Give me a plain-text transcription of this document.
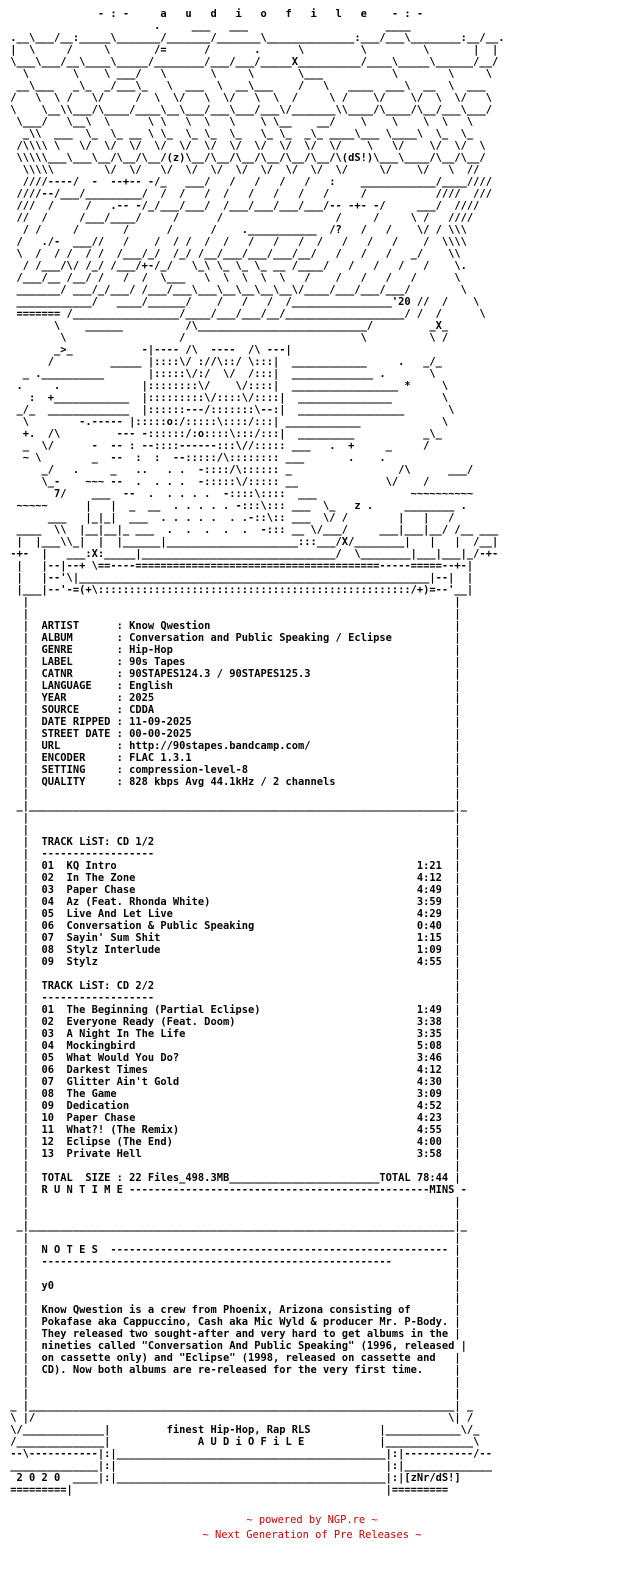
- : -     a   u   d   i   o   f   i   l   e    - : -
.     ___   ___                      ____
.__\___/__:_____\_______/_______/_______\______________:___/___\________:__/__.
|  \     /     \       /=      /       .      \         \         \       |  |
\___\___/__\____\_____/________/___/___/_____X__________/____\_____\______/__/
\       \    \ ___/   \       \     \       \___           \        \     \
__\___   _\_  _/___\_   \  ___  \  __\___    /   \   ____  ___\  __  \  ___
/   \  \ /   \/     /  \  \/   \  \/   \  \  /     \ /    \/    \/  \  \/   \
\    \__\\___/\____/____\__\___/___\___/___\/_______\\____/\____/\__/___\___/
\___/   \__\  \      \ \   \  \   \    \ \__    __/    \    \    \  \   \
_\\  ___  \_  \_ __ \ \_  \_ \_  \_   \_ \_  _\_ ____\___ \____\  \_  \_
/\\\\ \   \/  \/  \/  \/  \/  \/  \/  \/  \/  \/  \/    \   \/    \/  \/  \
\\\\\___\___\__/\__/\__/(z)\__/\__/\__/\__/\__/\__/\(dS!)\___\____/\__/\__/
\\\\\        \/  \/   \/  \/  \/  \/  \/  \/  \/  \/     \/    \/   \  //
////----/  -  --+-- -/_   ___/   /   /   /   /   :    ____________/____////
////--/___/_________/  /  /   /  /   /   /   /   /     /           ////  ///
///  /     /   .-- -/_/___/___/  /___/___/___/___/-- -+- -/     ___/  ////
//  /     /___/____/     /      /                  /     /     \ /   ////
/ /     /       /      /      /    .___________  /?   /   /    \/ / \\\
/   ./-  ___//   /    /  / /  /  /   /   /   /  /   /   /   /    /  \\\\
\  /  / /  / /  /___/_/  /_/ /__/___/___/___/__/   /   /   /   _/    \\
/ /___/\/ /_/ /___/+-/_/   \_\ \_ \_ \_ __ /____/   /   /   /   /    \.
/___/__ /__/ /   /  /  \___   \  \  \  \  \   /    /   /   /   /      \
_______/ ___/_/___/ /___/___\___\__\__\__\__\/____/___/___/___/        \
____________/   ____/______/    /   /   /  /________________'20 //  /    \
======= /_________________/____/___/___/__/___________________/ /  /      \
\    ______          /\___________________________/         _X_
\                  /                            \          \ /
_>_           -|---- /\  ----  /\ ---|
/         _____ |::::\/ ://\::/ \:::|  ____________     .   _/_
_ .__________       |:::::\/:/  \/  /:::|  _____________ .       \
.     .             |::::::::\/    \/::::|  _________________ *     \
:  +____________  |:::::::::\/::::\/::::|  _______________        \
_/_  _____________  |::::::---/:::::::\--:|  _________________       \
\        -.----- |:::::o:/:::::\::::/:::| ____________             \
+.  /\         --- -::::::/:o::::\:::/:::|  _________           _\_
_  \/      -  -- : --::::------:::\//::::: ___   .  +     _     /
~ \        _  --  :  :  --:::::/\:::::::: ___       .    .
_/   .     _   ..   . .  -::::/\:::::: _                 /\      ___/
\_-    ~~~ --  .  . . .  -:::::\/::::: __              \/    /
7/    ___  --  .  . . . .  -::::\::::  ___               ~~~~~~~~~~
~~~~~      |   |  _  __  . . . . . -:::\::: ___  \_   z .     ________ .
___   |_|_|  ___  . . . . .  . .-::\:: ___  \/ /        |   |   /
____  \\  |__|__|_ ___  .  .  .  .  .  -::: __ \/___/     ___|___|__/ /__ ___
|  |___\\_|  |  |______|_____________________:::___/X/________|   |   |  /__|
-+-  |   ___:X:_____|_______________________________/  \________|___|___|_/-+-
|   |--|--+ \==----=======================================-----=====--+-|
|   |--'\|________________________________________________________|--|  |
|___|--'-=(+\::::::::::::::::::::::::::::::::::::::::::::::::::/+)=--'__|
|                                                                    |
|                                                                    |
|  ARTIST      : Know Qwestion                                       |
|  ALBUM       : Conversation and Public Speaking / Eclipse          |
|  GENRE       : Hip-Hop                                             |
|  LABEL       : 90s Tapes                                           |
|  CATNR       : 90STAPES124.3 / 90STAPES125.3                       |
|  LANGUAGE    : English                                             |
|  YEAR        : 2025                                                |
|  SOURCE      : CDDA                                                |
|  DATE RIPPED : 11-09-2025                                          |
|  STREET DATE : 00-00-2025                                          |
|  URL         : http://90stapes.bandcamp.com/                       |
|  ENCODER     : FLAC 1.3.1                                          |
|  SETTING     : compression-level-8                                 |
|  QUALITY     : 828 kbps Avg 44.1kHz / 2 channels                   |
|                                                                    |
_|____________________________________________________________________|_
|                                                                    |
|                                                                    |
|  TRACK LiST: CD 1/2                                                |
|  ------------------                                                |
|  01  KQ Intro                                                1:21  |
|  02  In The Zone                                             4:12  |
|  03  Paper Chase                                             4:49  |
|  04  Az (Feat. Rhonda White)                                 3:59  |
|  05  Live And Let Live                                       4:29  |
|  06  Conversation & Public Speaking                          0:40  |
|  07  Sayin' Sum Shit                                         1:15  |
|  08  Stylz Interlude                                         1:09  |
|  09  Stylz                                                   4:55  |
|                                                                    |
|  TRACK LiST: CD 2/2                                                |
|  ------------------                                                |
|  01  The Beginning (Partial Eclipse)                         1:49  |
|  02  Everyone Ready (Feat. Doom)                             3:38  |
|  03  A Night In The Life                                     3:35  |
|  04  Mockingbird                                             5:08  |
|  05  What Would You Do?                                      3:46  |
|  06  Darkest Times                                           4:12  |
|  07  Glitter Ain't Gold                                      4:30  |
|  08  The Game                                                3:09  |
|  09  Dedication                                              4:52  |
|  10  Paper Chase                                             4:23  |
|  11  What?! (The Remix)                                      4:55  |
|  12  Eclipse (The End)                                       4:00  |
|  13  Private Hell                                            3:58  |
|                                                                    |
|  TOTAL  SIZE : 22 Files_498.3MB________________________TOTAL 78:44 |
|  R U N T I M E ------------------------------------------------MINS -
|                                                                    |
|                                                                    |
_|____________________________________________________________________|_
|                                                                    |
|  N O T E S  ------------------------------------------------------ |
|  --------------------------------------------------------          |
|                                                                    |
|  y0                                                                |
|                                                                    |
|  Know Qwestion is a crew from Phoenix, Arizona consisting of       |
|  Pokafase aka Cappuccino, Cash aka Mic Wyld & producer Mr. P-Body. |
|  They released two sought-after and very hard to get albums in the |
|  nineties called "Conversation And Public Speaking" (1996, released |
|  on cassette only) and "Eclipse" (1998, released on cassette and   |
|  CD). Now both albums are re-released for the very first time.     |
|                                                                    |
|                                                                    |
_ |____________________________________________________________________| _
\ |/                                                                  \| /
\/_____________|         finest Hip-Hop, Rap RLS           |____________\/_
/______________|              A U D i O F i L E            |______________\
--\-----------|:|___________________________________________|:|-----------/--
______________|:|                                           |:|______________
2 0 2 0  ____|:|___________________________________________|:|[zNr/dS!]
=========|                                                  |=========

~ powered by NGP.re ~
~ Next Generation of Pre Releases ~
